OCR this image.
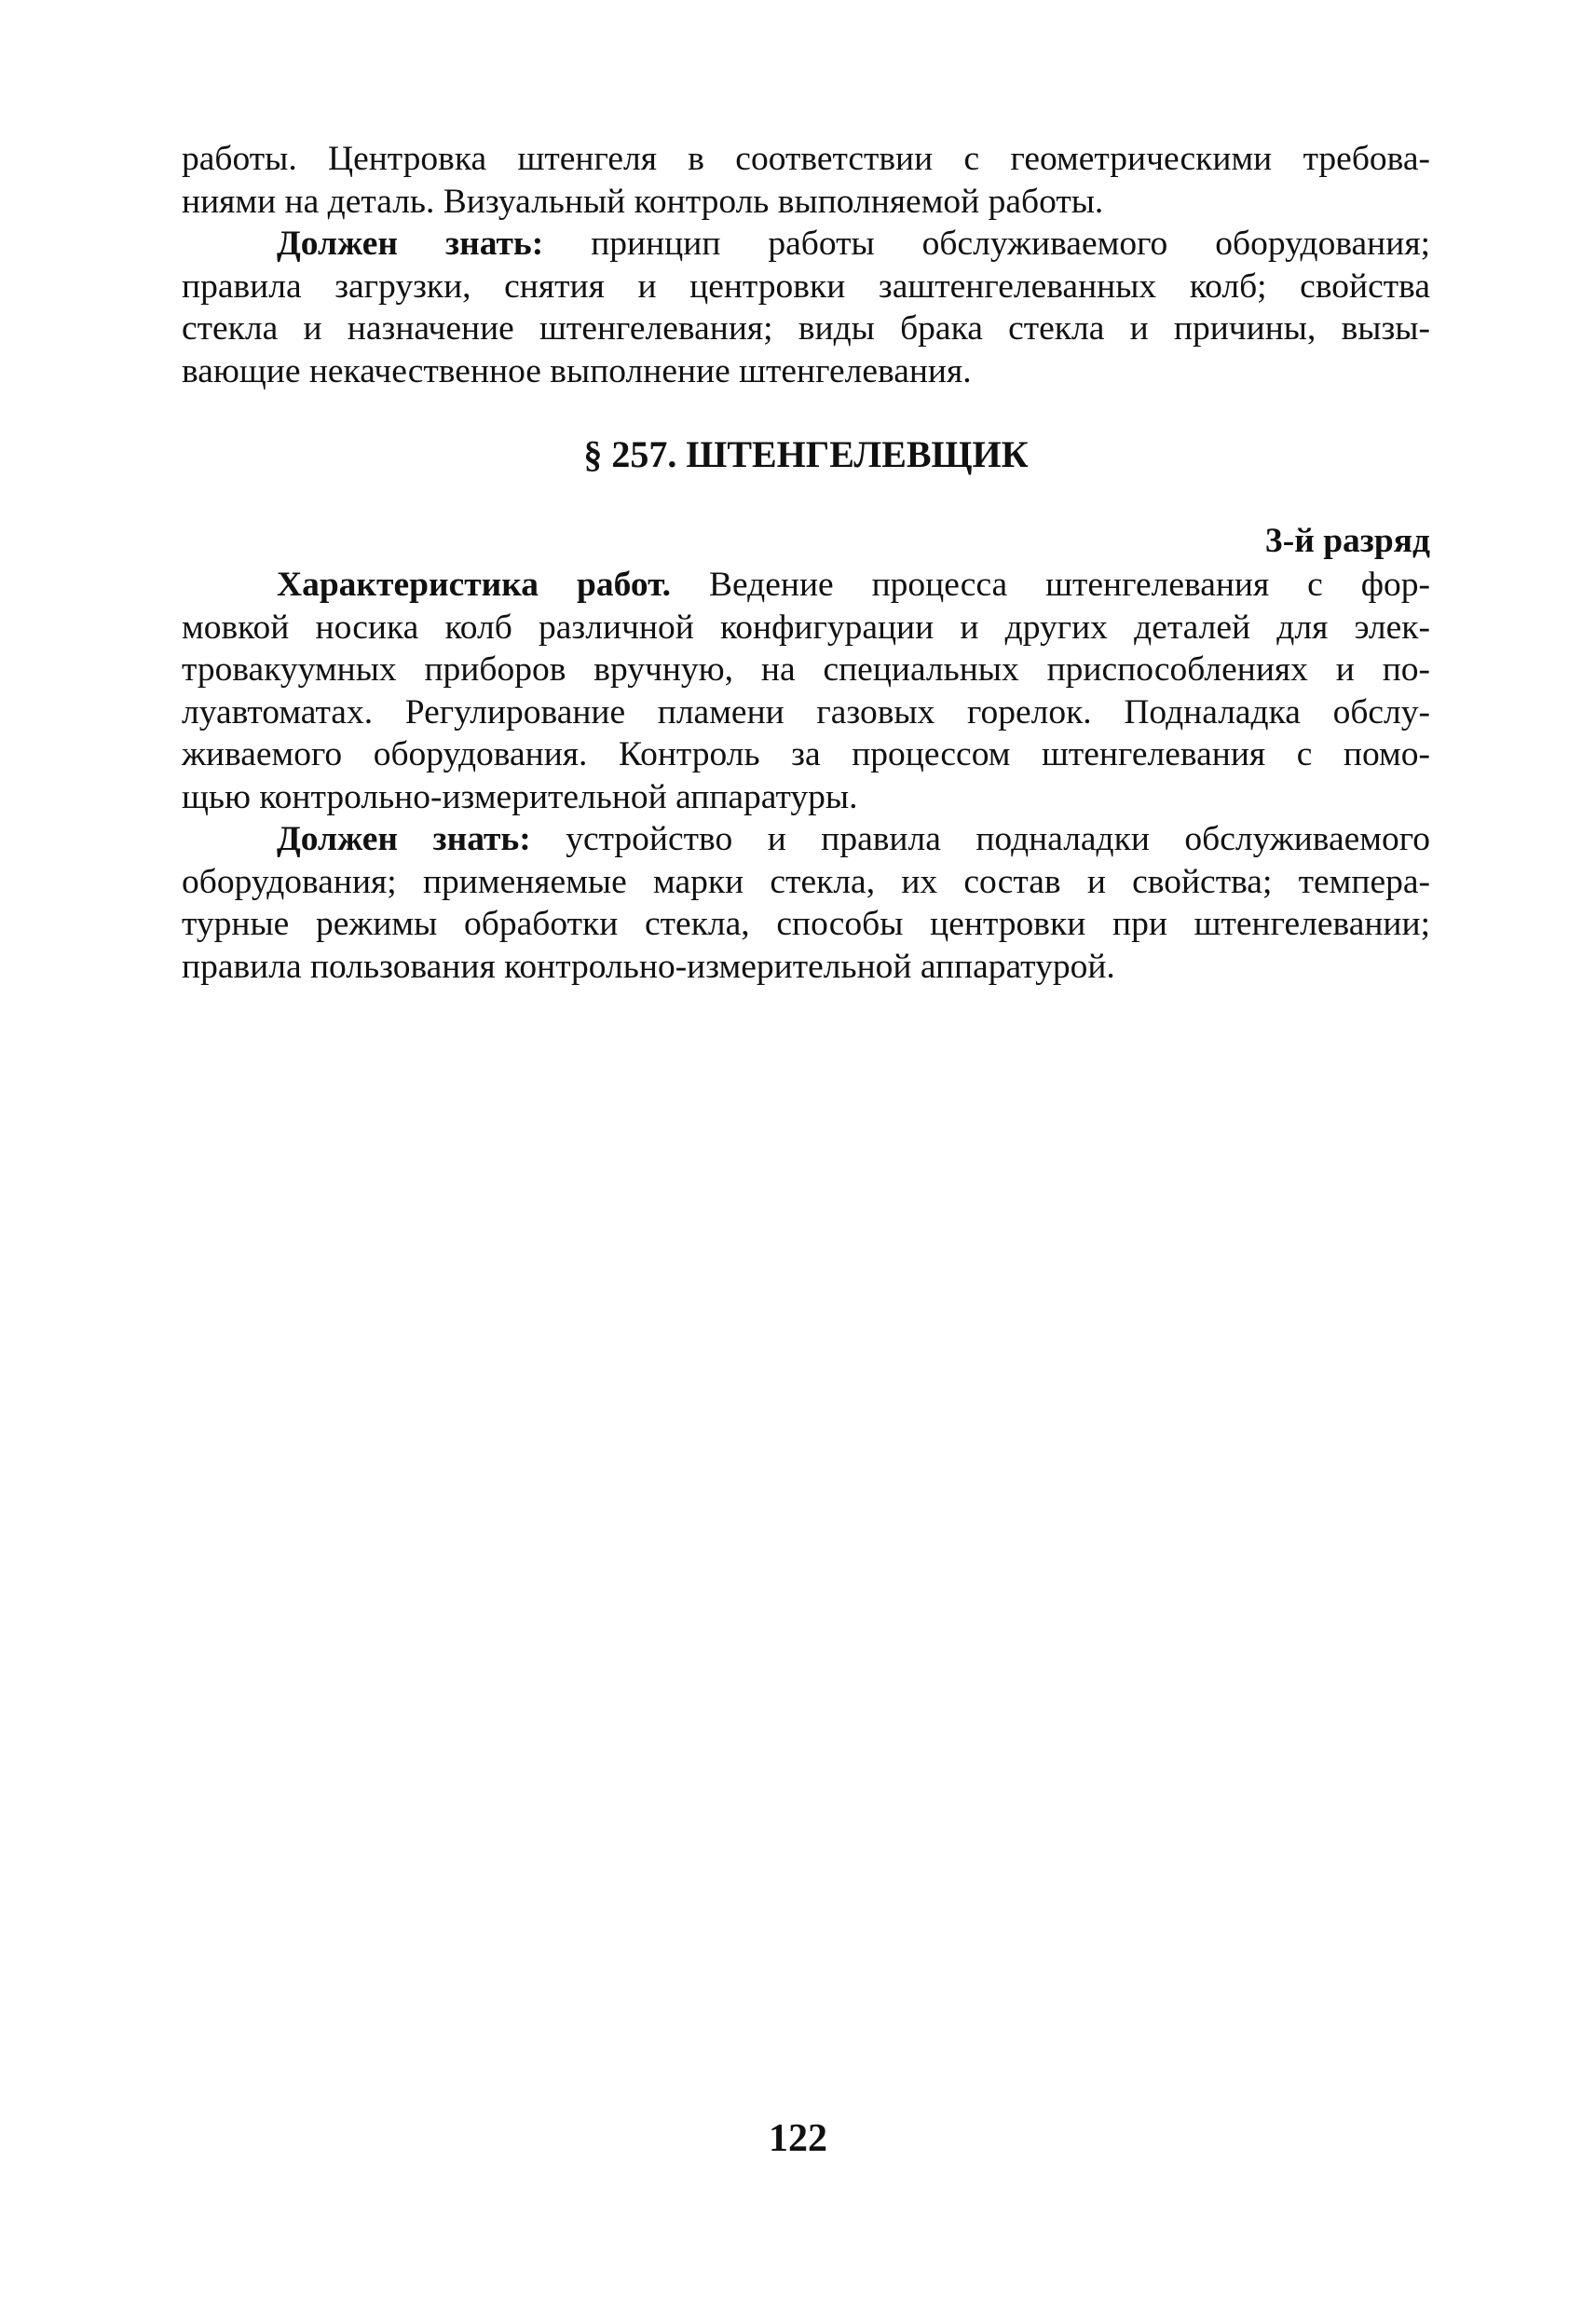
работы. Центровка штенгеля в соответствии с геометрическими требова-
ниями на деталь. Визуальный контроль выполняемой работы.
Должен знать: принцип работы обслуживаемого оборудования;
правила загрузки, снятия и центровки заштенгелеванных колб; свойства
стекла и назначение штенгелевания; виды брака стекла и причины, вызы-
вающие некачественное выполнение штенгелевания.
§ 257. ШТЕНГЕЛЕВЩИК
3-й разряд
Характеристика работ. Ведение процесса штенгелевания с фор-
мовкой носика колб различной конфигурации и других деталей для элек-
тровакуумных приборов вручную, на специальных приспособлениях и по-
луавтоматах. Регулирование пламени газовых горелок. Подналадка обслу-
живаемого оборудования. Контроль за процессом штенгелевания с помо-
щью контрольно-измерительной аппаратуры.
Должен знать: устройство и правила подналадки обслуживаемого
оборудования; применяемые марки стекла, их состав и свойства; темпера-
турные режимы обработки стекла, способы центровки при штенгелевании;
правила пользования контрольно-измерительной аппаратурой.
122
